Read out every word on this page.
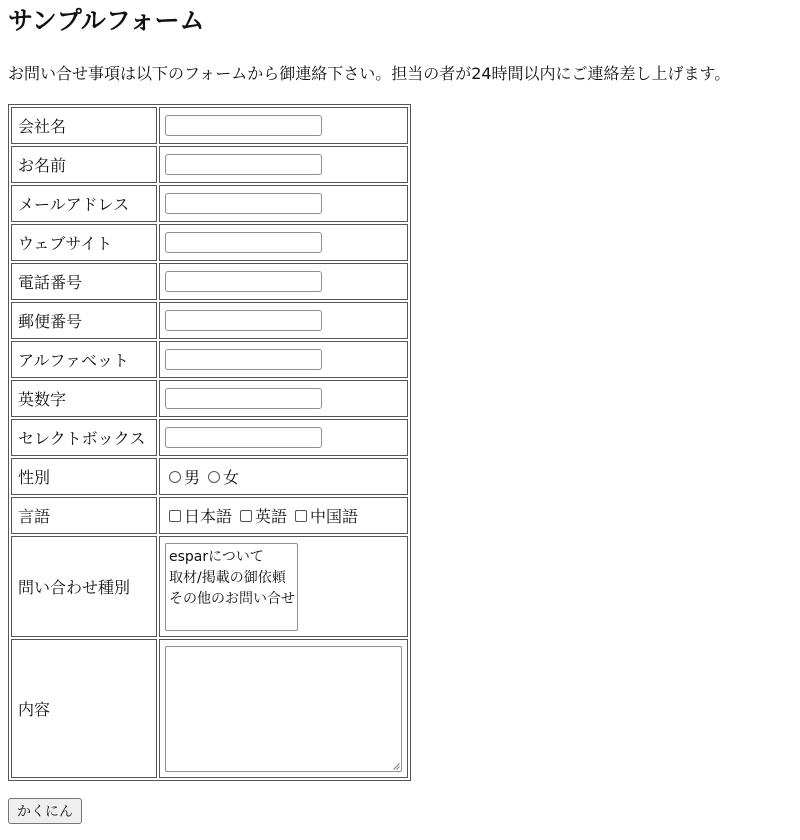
サンプルフォーム

お問い合せ事項は以下のフォームから御連絡下さい。担当の者が24時間以内にご連絡差し上げます。

会社名	

お名前	

メールアドレス	

ウェブサイト	

電話番号	

郵便番号	

アルファベット	

英数字	

セレクトボックス	

性別	男 女

言語	日本語 英語 中国語

問い合わせ種別	esparについて
取材/掲載の御依頼
その他のお問い合せ

内容	
かくにん
